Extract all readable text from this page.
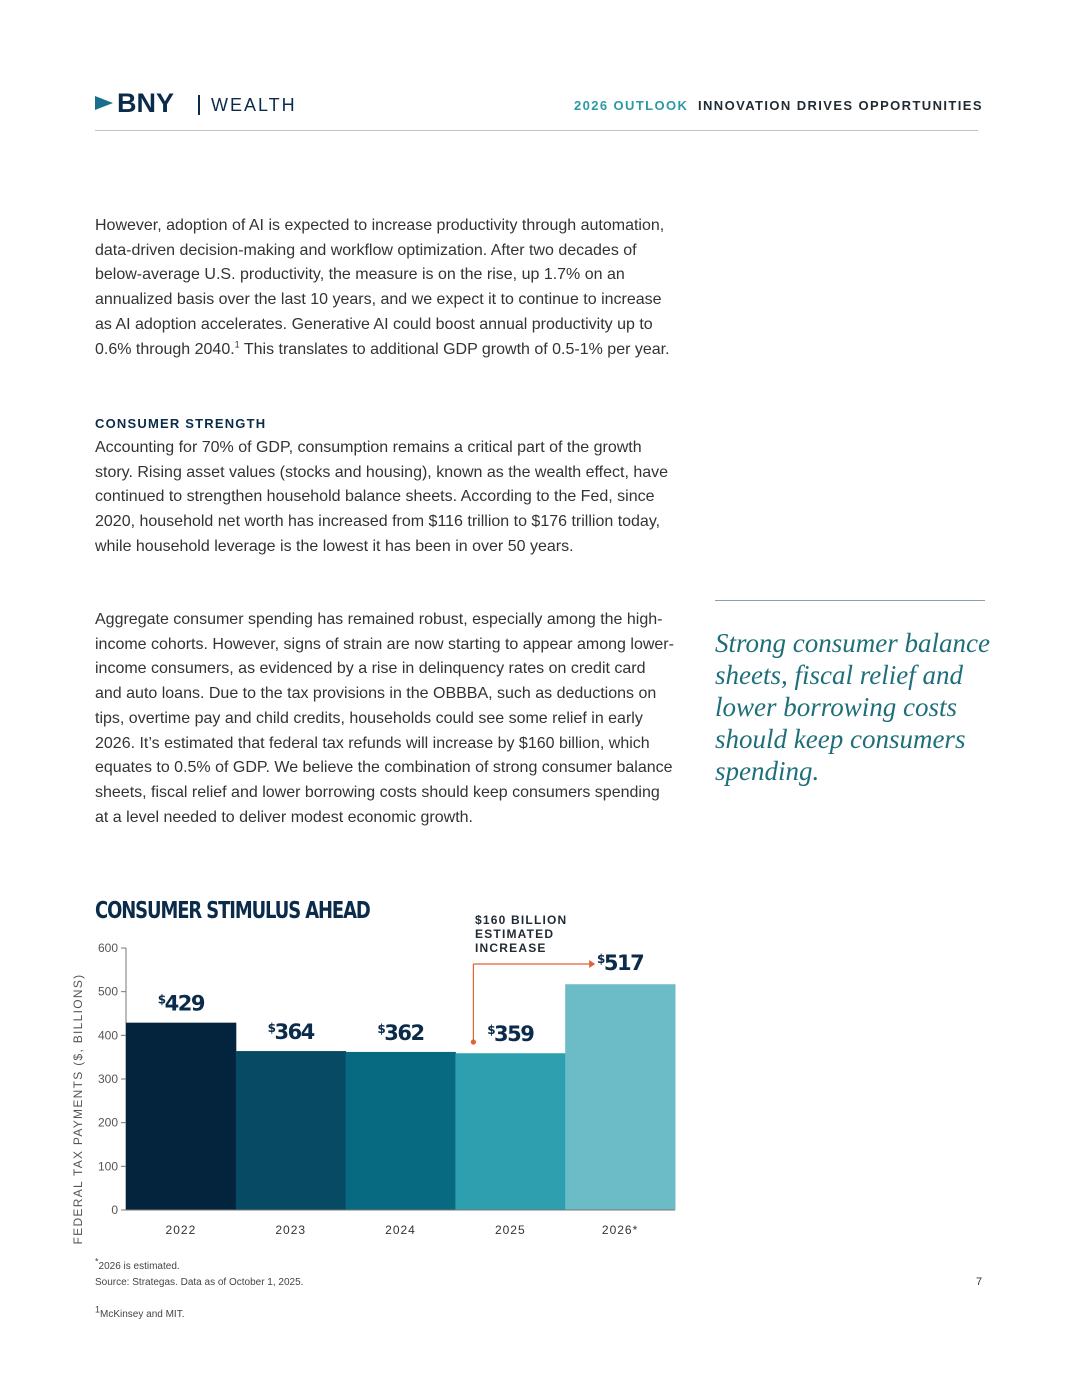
BNY WEALTH	2026 OUTLOOK INNOVATION DRIVES OPPORTUNITIES

However, adoption of AI is expected to increase productivity through automation, data-driven decision-making and workflow optimization. After two decades of below-average U.S. productivity, the measure is on the rise, up 1.7% on an annualized basis over the last 10 years, and we expect it to continue to increase as AI adoption accelerates. Generative AI could boost annual productivity up to 0.6% through 2040.$^1$ This translates to additional GDP growth of 0.5-1% per year.

CONSUMER STRENGTH

Accounting for 70% of GDP, consumption remains a critical part of the growth story. Rising asset values (stocks and housing), known as the wealth effect, have continued to strengthen household balance sheets. According to the Fed, since 2020, household net worth has increased from $116 trillion to $176 trillion today, while household leverage is the lowest it has been in over 50 years.

Aggregate consumer spending has remained robust, especially among the high-income cohorts. However, signs of strain are now starting to appear among lower-income consumers, as evidenced by a rise in delinquency rates on credit card and auto loans. Due to the tax provisions in the OBBBA, such as deductions on tips, overtime pay and child credits, households could see some relief in early 2026. It’s estimated that federal tax refunds will increase by $160 billion, which equates to 0.5% of GDP. We believe the combination of strong consumer balance sheets, fiscal relief and lower borrowing costs should keep consumers spending at a level needed to deliver modest economic growth.

Strong consumer balance sheets, fiscal relief and lower borrowing costs should keep consumers spending.

CONSUMER STIMULUS AHEAD
0
100
200
300
400
500
600
FEDERAL TAX PAYMENTS ($, BILLIONS)	$429
2022
$364
2023
$362
2024
$359
2025
$517
2026*
$160 BILLION
ESTIMATED
INCREASE
*2026 is estimated.
Source: Strategas. Data as of October 1, 2025.
$^1$McKinsey and MIT.
7
